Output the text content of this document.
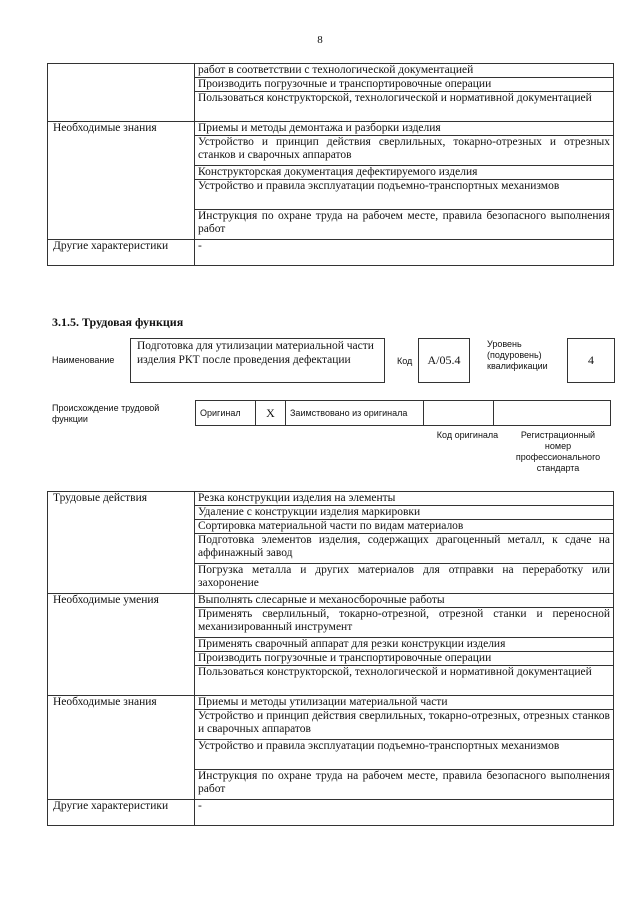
8
	работ в соответствии с технологической документацией
	Производить погрузочные и транспортировочные операции
	Пользоваться конструкторской, технологической и нормативной документацией
Необходимые знания	Приемы и методы демонтажа и разборки изделия
	Устройство и принцип действия сверлильных, токарно-отрезных и отрезных станков и сварочных аппаратов
	Конструкторская документация дефектируемого изделия
	Устройство и правила эксплуатации подъемно-транспортных механизмов
	Инструкция по охране труда на рабочем месте, правила безопасного выполнения работ
Другие характеристики	-
3.1.5. Трудовая функция
Наименование
Подготовка для утилизации материальной части изделия РКТ после проведения дефектации	Код A/05.4
Уровень (подуровень) квалификации	4
Происхождение трудовой функции
Оригинал X Заимствовано из оригинала
Код оригинала	Регистрационный номер профессионального стандарта
Трудовые действия	Резка конструкции изделия на элементы
	Удаление с конструкции изделия маркировки
	Сортировка материальной части по видам материалов
	Подготовка элементов изделия, содержащих драгоценный металл, к сдаче на аффинажный завод
	Погрузка металла и других материалов для отправки на переработку или захоронение
Необходимые умения	Выполнять слесарные и механосборочные работы
	Применять сверлильный, токарно-отрезной, отрезной станки и переносной механизированный инструмент
	Применять сварочный аппарат для резки конструкции изделия
	Производить погрузочные и транспортировочные операции
	Пользоваться конструкторской, технологической и нормативной документацией
Необходимые знания	Приемы и методы утилизации материальной части
	Устройство и принцип действия сверлильных, токарно-отрезных, отрезных станков и сварочных аппаратов
	Устройство и правила эксплуатации подъемно-транспортных механизмов
	Инструкция по охране труда на рабочем месте, правила безопасного выполнения работ
Другие характеристики	-
